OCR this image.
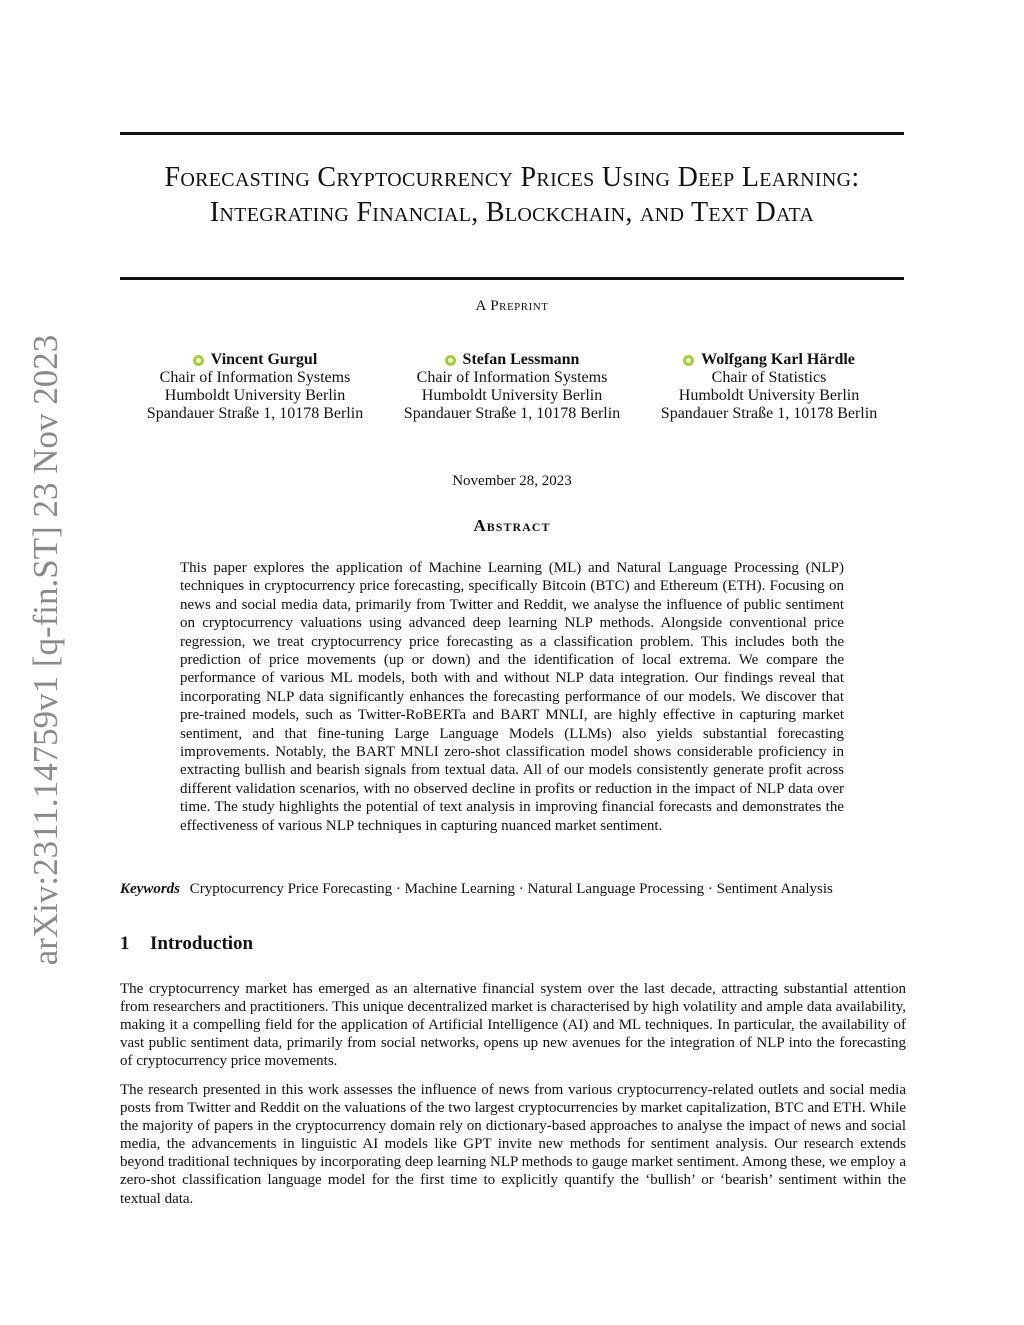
arXiv:2311.14759v1 [q-fin.ST] 23 Nov 2023
Forecasting Cryptocurrency Prices Using Deep Learning: Integrating Financial, Blockchain, and Text Data
A Preprint
Vincent Gurgul
Chair of Information Systems
Humboldt University Berlin
Spandauer Straße 1, 10178 Berlin
Stefan Lessmann
Chair of Information Systems
Humboldt University Berlin
Spandauer Straße 1, 10178 Berlin
Wolfgang Karl Härdle
Chair of Statistics
Humboldt University Berlin
Spandauer Straße 1, 10178 Berlin
November 28, 2023
Abstract
This paper explores the application of Machine Learning (ML) and Natural Language Processing (NLP) techniques in cryptocurrency price forecasting, specifically Bitcoin (BTC) and Ethereum (ETH). Focusing on news and social media data, primarily from Twitter and Reddit, we analyse the influence of public sentiment on cryptocurrency valuations using advanced deep learning NLP methods. Alongside conventional price regression, we treat cryptocurrency price forecasting as a classification problem. This includes both the prediction of price movements (up or down) and the identification of local extrema. We compare the performance of various ML models, both with and without NLP data integration. Our findings reveal that incorporating NLP data significantly enhances the forecasting performance of our models. We discover that pre-trained models, such as Twitter-RoBERTa and BART MNLI, are highly effective in capturing market sentiment, and that fine-tuning Large Language Models (LLMs) also yields substantial forecasting improvements. Notably, the BART MNLI zero-shot classification model shows considerable proficiency in extracting bullish and bearish signals from textual data. All of our models consistently generate profit across different validation scenarios, with no observed decline in profits or reduction in the impact of NLP data over time. The study highlights the potential of text analysis in improving financial forecasts and demonstrates the effectiveness of various NLP techniques in capturing nuanced market sentiment.
Keywords Cryptocurrency Price Forecasting · Machine Learning · Natural Language Processing · Sentiment Analysis
1 Introduction
The cryptocurrency market has emerged as an alternative financial system over the last decade, attracting substantial attention from researchers and practitioners. This unique decentralized market is characterised by high volatility and ample data availability, making it a compelling field for the application of Artificial Intelligence (AI) and ML techniques. In particular, the availability of vast public sentiment data, primarily from social networks, opens up new avenues for the integration of NLP into the forecasting of cryptocurrency price movements.
The research presented in this work assesses the influence of news from various cryptocurrency-related outlets and social media posts from Twitter and Reddit on the valuations of the two largest cryptocurrencies by market capitalization, BTC and ETH. While the majority of papers in the cryptocurrency domain rely on dictionary-based approaches to analyse the impact of news and social media, the advancements in linguistic AI models like GPT invite new methods for sentiment analysis. Our research extends beyond traditional techniques by incorporating deep learning NLP methods to gauge market sentiment. Among these, we employ a zero-shot classification language model for the first time to explicitly quantify the ‘bullish’ or ‘bearish’ sentiment within the textual data.
